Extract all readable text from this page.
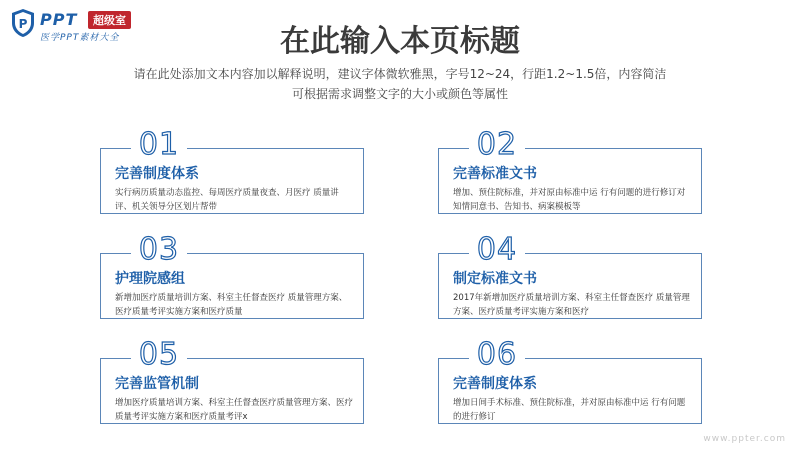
P PPT	超级室
医学PPT素材大全	在此输入本页标题
请在此处添加文本内容加以解释说明，建议字体微软雅黑，字号12~24，行距1.2~1.5倍，内容简洁
可根据需求调整文字的大小或颜色等属性
01
完善制度体系
实行病历质量动态监控、每周医疗质量夜查、月医疗 质量讲评、机关领导分区划片帮带
02
完善标准文书
增加、预住院标准，并对原由标准中运 行有问题的进行修订对知情同意书、告知书、病案模板等
03
护理院感组
新增加医疗质量培训方案、科室主任督查医疗 质量管理方案、医疗质量考评实施方案和医疗质量
04
制定标准文书
2017年新增加医疗质量培训方案、科室主任督查医疗 质量管理方案、医疗质量考评实施方案和医疗
05
完善监管机制
增加医疗质量培训方案、科室主任督查医疗质量管理方案、医疗质量考评实施方案和医疗质量考评x
06
完善制度体系
增加日间手术标准、预住院标准，并对原由标准中运 行有问题的进行修订
www.ppter.com
